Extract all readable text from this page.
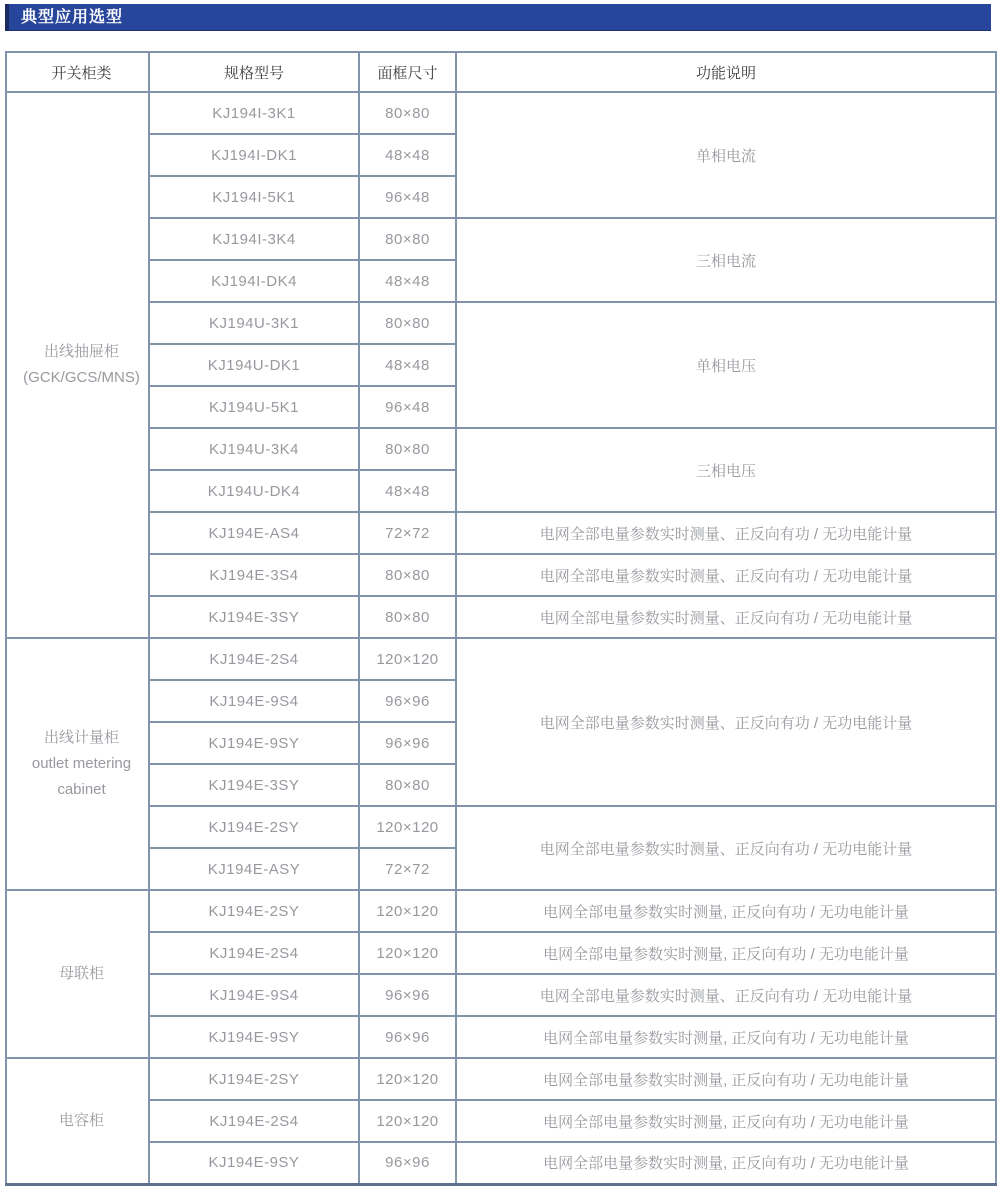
典型应用选型
开关柜类	规格型号	面框尺寸	功能说明

出线抽屉柜
(GCK/GCS/MNS)	KJ194I-3K1	80×80	单相电流
	KJ194I-DK1	48×48	
	KJ194I-5K1	96×48	
	KJ194I-3K4	80×80	三相电流
	KJ194I-DK4	48×48	
	KJ194U-3K1	80×80	单相电压
	KJ194U-DK1	48×48	
	KJ194U-5K1	96×48	
	KJ194U-3K4	80×80	三相电压
	KJ194U-DK4	48×48	
	KJ194E-AS4	72×72	电网全部电量参数实时测量、正反向有功 / 无功电能计量
	KJ194E-3S4	80×80	电网全部电量参数实时测量、正反向有功 / 无功电能计量
	KJ194E-3SY	80×80	电网全部电量参数实时测量、正反向有功 / 无功电能计量

出线计量柜
outlet metering
cabinet	KJ194E-2S4	120×120	电网全部电量参数实时测量、正反向有功 / 无功电能计量
	KJ194E-9S4	96×96	
	KJ194E-9SY	96×96	
	KJ194E-3SY	80×80	
	KJ194E-2SY	120×120	电网全部电量参数实时测量、正反向有功 / 无功电能计量
	KJ194E-ASY	72×72	

母联柜	KJ194E-2SY	120×120	电网全部电量参数实时测量, 正反向有功 / 无功电能计量
	KJ194E-2S4	120×120	电网全部电量参数实时测量, 正反向有功 / 无功电能计量
	KJ194E-9S4	96×96	电网全部电量参数实时测量、正反向有功 / 无功电能计量
	KJ194E-9SY	96×96	电网全部电量参数实时测量, 正反向有功 / 无功电能计量

电容柜	KJ194E-2SY	120×120	电网全部电量参数实时测量, 正反向有功 / 无功电能计量
	KJ194E-2S4	120×120	电网全部电量参数实时测量, 正反向有功 / 无功电能计量
	KJ194E-9SY	96×96	电网全部电量参数实时测量, 正反向有功 / 无功电能计量
